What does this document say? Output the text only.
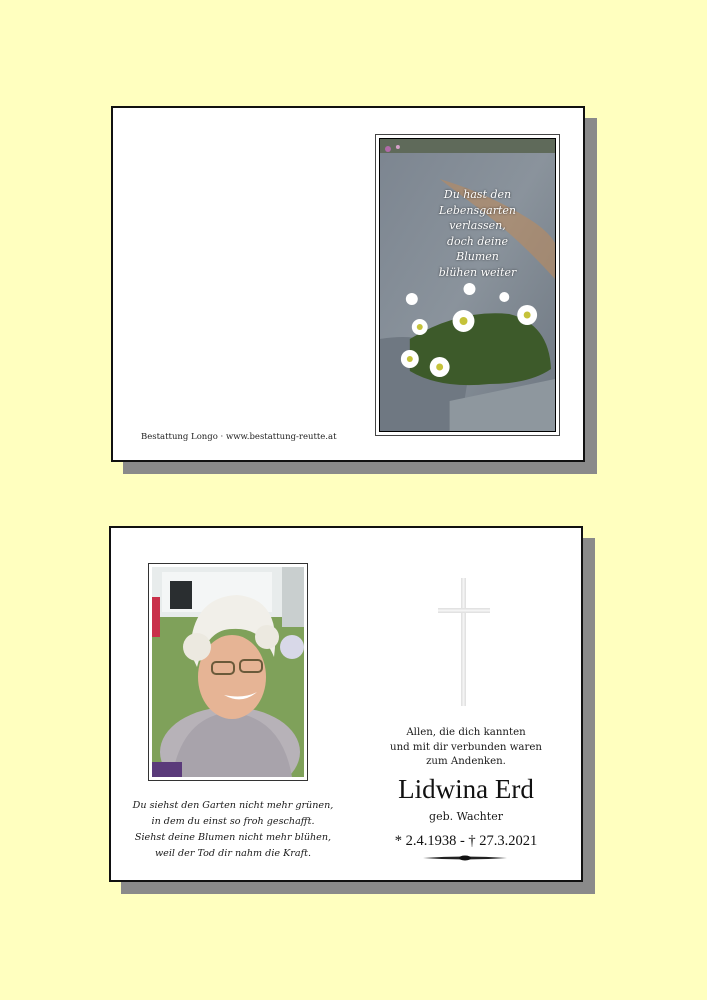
Du hast den
Lebensgarten
verlassen,
doch deine
Blumen
blühen weiter
Bestattung Longo · www.bestattung-reutte.at
Du siehst den Garten nicht mehr grünen,
in dem du einst so froh geschafft.
Siehst deine Blumen nicht mehr blühen,
weil der Tod dir nahm die Kraft.
Allen, die dich kannten
und mit dir verbunden waren
zum Andenken.
Lidwina Erd
geb. Wachter
* 2.4.1938 - † 27.3.2021
